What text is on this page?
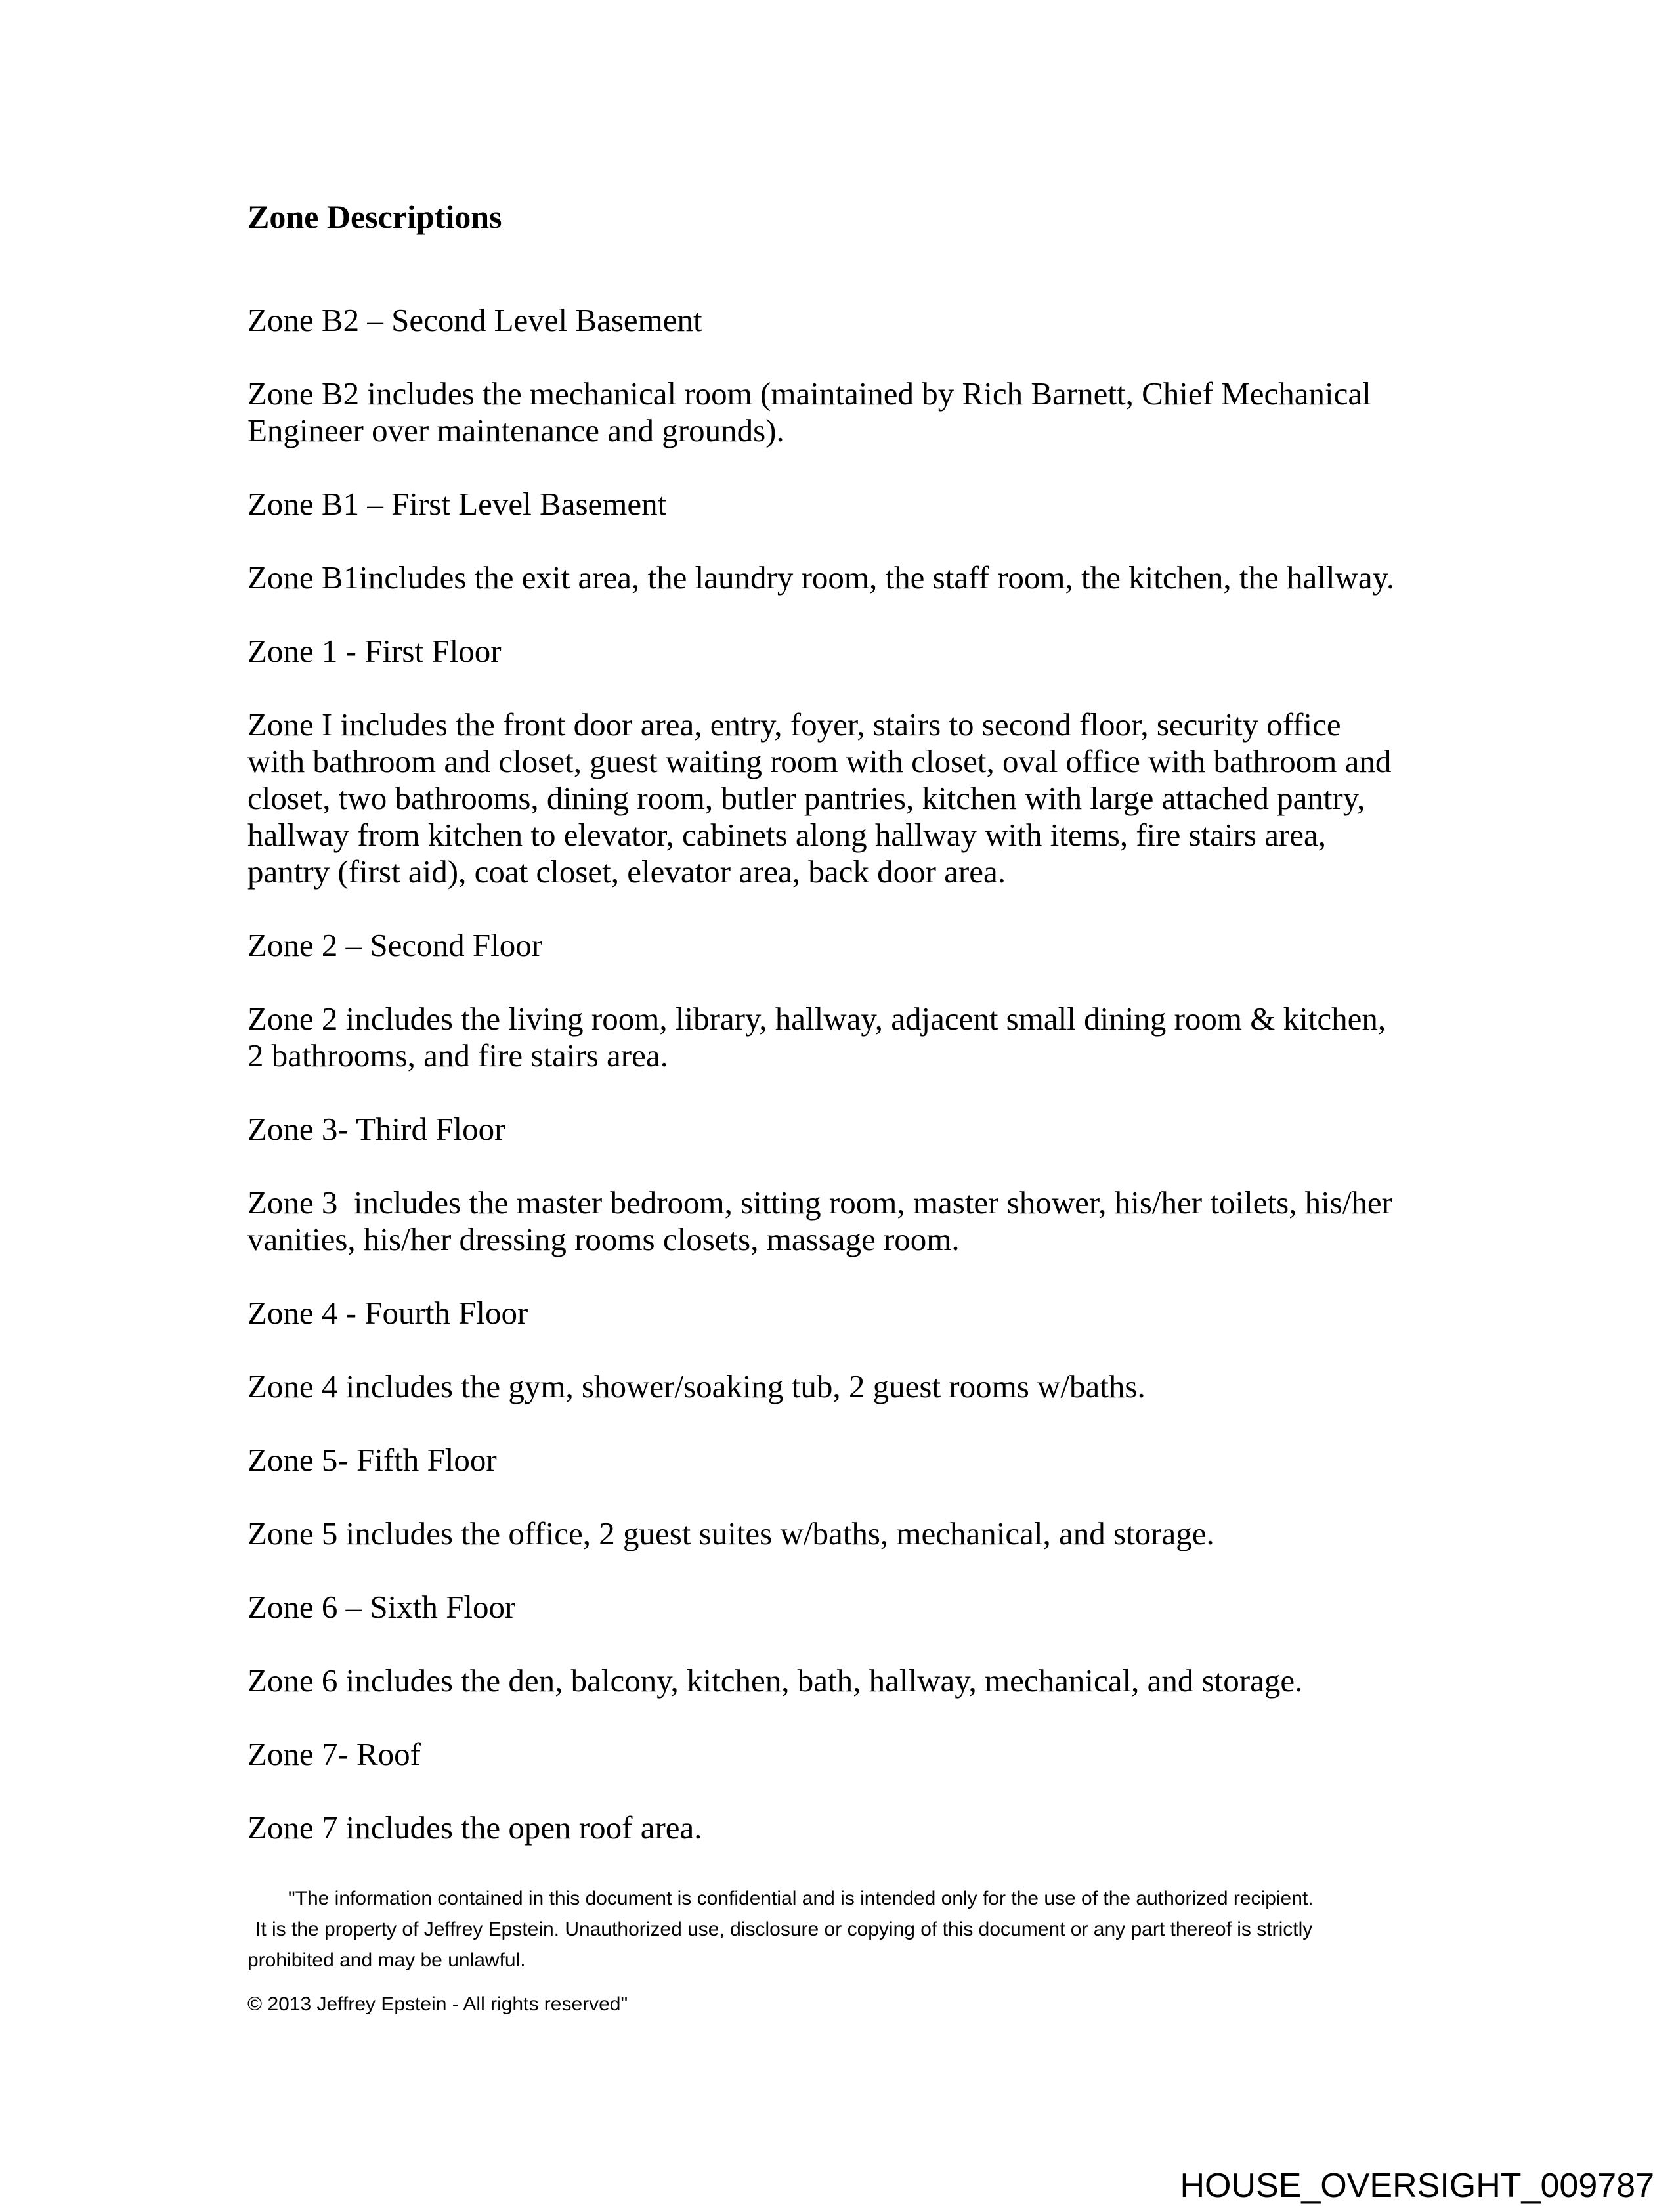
Zone Descriptions

Zone B2 – Second Level Basement

Zone B2 includes the mechanical room (maintained by Rich Barnett, Chief Mechanical
Engineer over maintenance and grounds).

Zone B1 – First Level Basement

Zone B1includes the exit area, the laundry room, the staff room, the kitchen, the hallway.

Zone 1 - First Floor

Zone I includes the front door area, entry, foyer, stairs to second floor, security office
with bathroom and closet, guest waiting room with closet, oval office with bathroom and
closet, two bathrooms, dining room, butler pantries, kitchen with large attached pantry,
hallway from kitchen to elevator, cabinets along hallway with items, fire stairs area,
pantry (first aid), coat closet, elevator area, back door area.

Zone 2 – Second Floor

Zone 2 includes the living room, library, hallway, adjacent small dining room & kitchen,
2 bathrooms, and fire stairs area.

Zone 3- Third Floor

Zone 3  includes the master bedroom, sitting room, master shower, his/her toilets, his/her
vanities, his/her dressing rooms closets, massage room.

Zone 4 - Fourth Floor

Zone 4 includes the gym, shower/soaking tub, 2 guest rooms w/baths.

Zone 5- Fifth Floor

Zone 5 includes the office, 2 guest suites w/baths, mechanical, and storage.

Zone 6 – Sixth Floor

Zone 6 includes the den, balcony, kitchen, bath, hallway, mechanical, and storage.

Zone 7- Roof

Zone 7 includes the open roof area.

"The information contained in this document is confidential and is intended only for the use of the authorized recipient.
It is the property of Jeffrey Epstein. Unauthorized use, disclosure or copying of this document or any part thereof is strictly
prohibited and may be unlawful.

© 2013 Jeffrey Epstein - All rights reserved"

HOUSE_OVERSIGHT_009787
